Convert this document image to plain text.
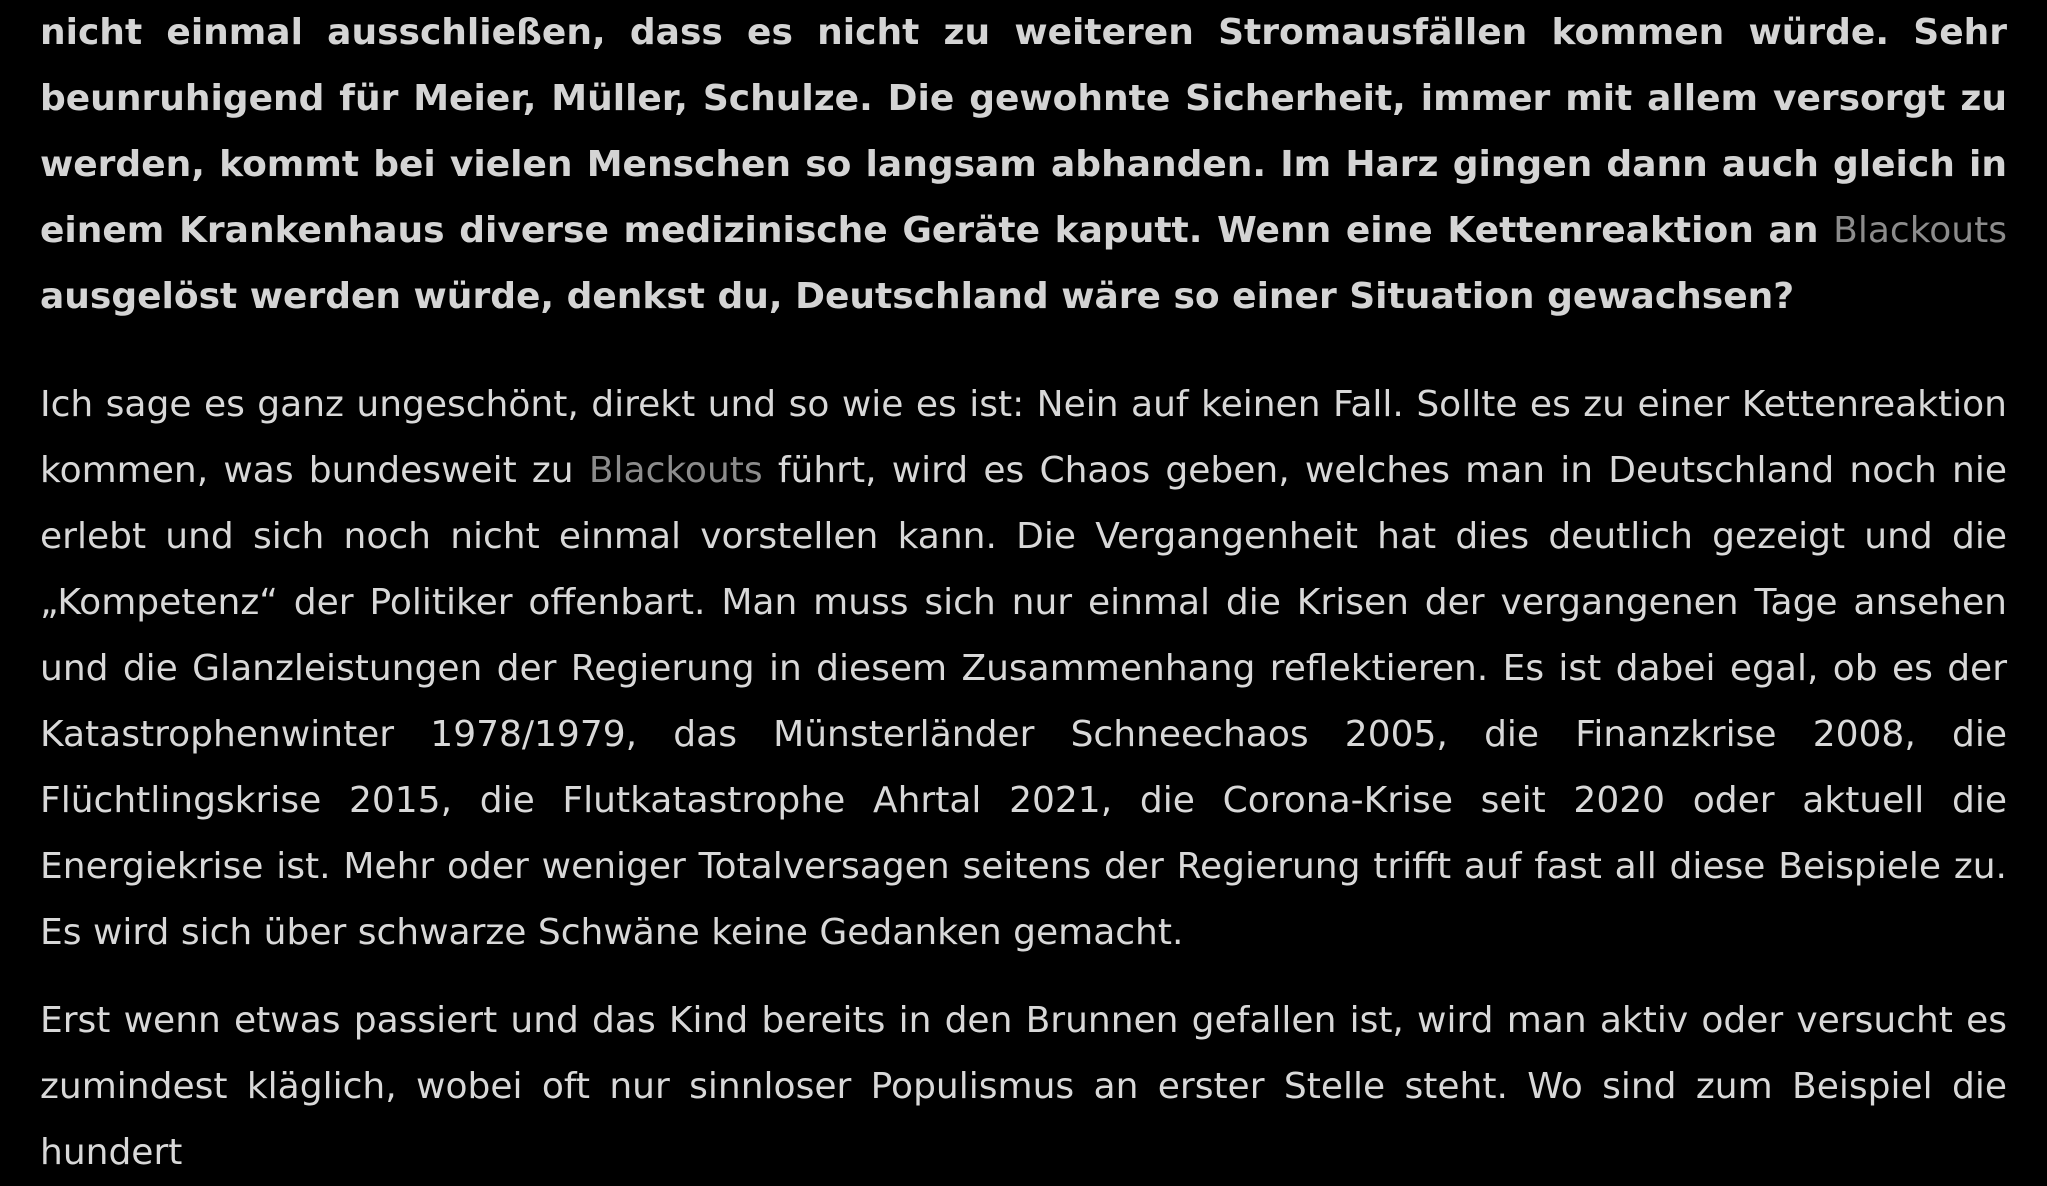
nicht einmal ausschließen, dass es nicht zu weiteren Stromausfällen kommen würde. Sehr beunruhigend für Meier, Müller, Schulze. Die gewohnte Sicherheit, immer mit allem versorgt zu werden, kommt bei vielen Menschen so langsam abhanden. Im Harz gingen dann auch gleich in einem Krankenhaus diverse medizinische Geräte kaputt. Wenn eine Kettenreaktion an Blackouts ausgelöst werden würde, denkst du, Deutschland wäre so einer Situation gewachsen?

Ich sage es ganz ungeschönt, direkt und so wie es ist: Nein auf keinen Fall. Sollte es zu einer Kettenreaktion kommen, was bundesweit zu Blackouts führt, wird es Chaos geben, welches man in Deutschland noch nie erlebt und sich noch nicht einmal vorstellen kann. Die Vergangenheit hat dies deutlich gezeigt und die „Kompetenz“ der Politiker offenbart. Man muss sich nur einmal die Krisen der vergangenen Tage ansehen und die Glanzleistungen der Regierung in diesem Zusammenhang reflektieren. Es ist dabei egal, ob es der Katastrophenwinter 1978/1979, das Münsterländer Schneechaos 2005, die Finanzkrise 2008, die Flüchtlingskrise 2015, die Flutkatastrophe Ahrtal 2021, die Corona-Krise seit 2020 oder aktuell die Energiekrise ist. Mehr oder weniger Totalversagen seitens der Regierung trifft auf fast all diese Beispiele zu. Es wird sich über schwarze Schwäne keine Gedanken gemacht.

Erst wenn etwas passiert und das Kind bereits in den Brunnen gefallen ist, wird man aktiv oder versucht es zumindest kläglich, wobei oft nur sinnloser Populismus an erster Stelle steht. Wo sind zum Beispiel die hundert
